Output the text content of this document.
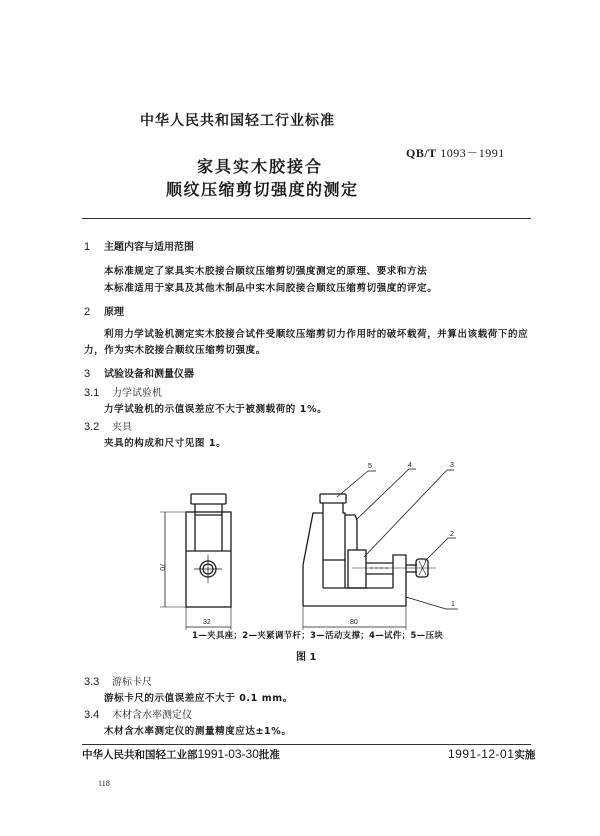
中华人民共和国轻工行业标准
QB/T 1093－1991
家具实木胶接合
顺纹压缩剪切强度的测定
1 主题内容与适用范围
本标准规定了家具实木胶接合顺纹压缩剪切强度测定的原理、要求和方法
本标准适用于家具及其他木制品中实木间胶接合顺纹压缩剪切强度的评定。
2 原理
利用力学试验机测定实木胶接合试件受顺纹压缩剪切力作用时的破坏载荷，并算出该载荷下的应
力，作为实木胶接合顺纹压缩剪切强度。
3 试验设备和测量仪器
3.1 力学试验机
力学试验机的示值误差应不大于被测载荷的 1%。
3.2 夹具
夹具的构成和尺寸见图 1。
70
32	80
5	4	3
2
1
1—夹具座；2—夹紧调节杆；3—活动支撑；4—试件；5—压块
图 1
3.3 游标卡尺
游标卡尺的示值误差应不大于 0.1 mm。
3.4 木材含水率测定仪
木材含水率测定仪的测量精度应达±1%。
中华人民共和国轻工业部1991-03-30批准	1991-12-01实施
118
